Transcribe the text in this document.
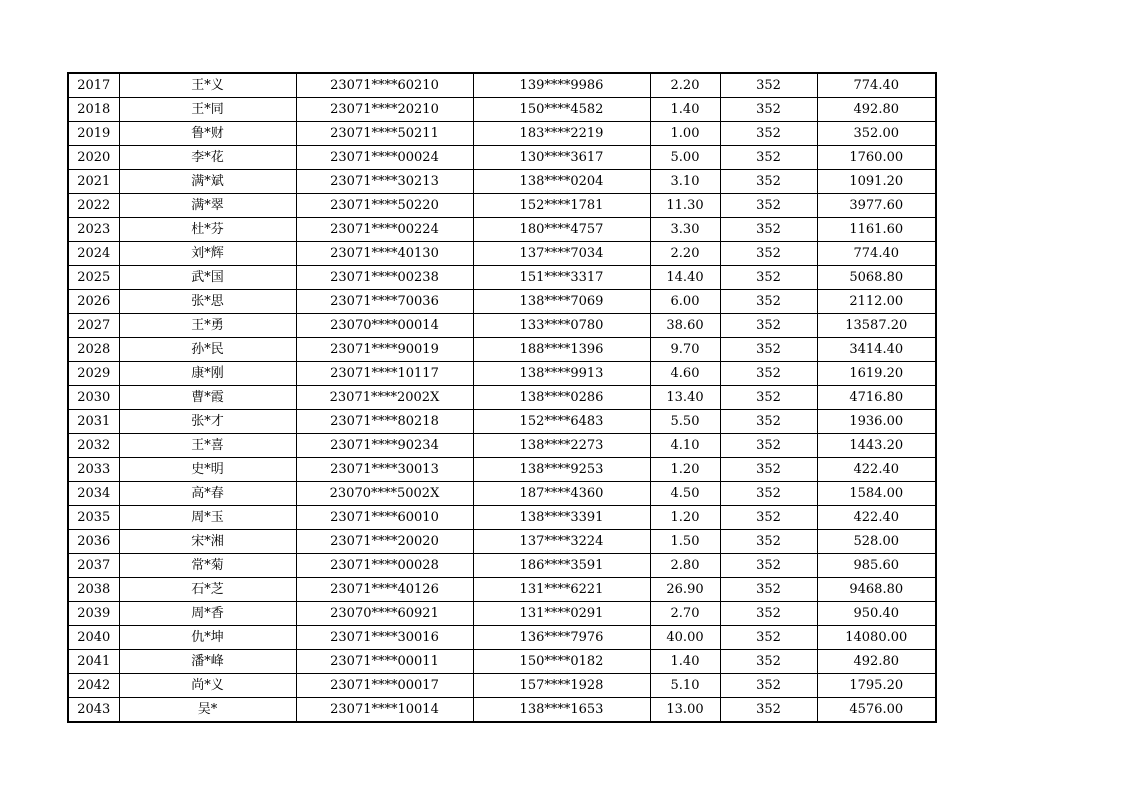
2017	王*义	23071****60210	139****9986	2.20	352	774.40
2018	王*同	23071****20210	150****4582	1.40	352	492.80
2019	鲁*财	23071****50211	183****2219	1.00	352	352.00
2020	李*花	23071****00024	130****3617	5.00	352	1760.00
2021	满*斌	23071****30213	138****0204	3.10	352	1091.20
2022	满*翠	23071****50220	152****1781	11.30	352	3977.60
2023	杜*芬	23071****00224	180****4757	3.30	352	1161.60
2024	刘*辉	23071****40130	137****7034	2.20	352	774.40
2025	武*国	23071****00238	151****3317	14.40	352	5068.80
2026	张*思	23071****70036	138****7069	6.00	352	2112.00
2027	王*勇	23070****00014	133****0780	38.60	352	13587.20
2028	孙*民	23071****90019	188****1396	9.70	352	3414.40
2029	康*刚	23071****10117	138****9913	4.60	352	1619.20
2030	曹*霞	23071****2002X	138****0286	13.40	352	4716.80
2031	张*才	23071****80218	152****6483	5.50	352	1936.00
2032	王*喜	23071****90234	138****2273	4.10	352	1443.20
2033	史*明	23071****30013	138****9253	1.20	352	422.40
2034	高*春	23070****5002X	187****4360	4.50	352	1584.00
2035	周*玉	23071****60010	138****3391	1.20	352	422.40
2036	宋*湘	23071****20020	137****3224	1.50	352	528.00
2037	常*菊	23071****00028	186****3591	2.80	352	985.60
2038	石*芝	23071****40126	131****6221	26.90	352	9468.80
2039	周*香	23070****60921	131****0291	2.70	352	950.40
2040	仇*坤	23071****30016	136****7976	40.00	352	14080.00
2041	潘*峰	23071****00011	150****0182	1.40	352	492.80
2042	尚*义	23071****00017	157****1928	5.10	352	1795.20
2043	吴*	23071****10014	138****1653	13.00	352	4576.00
